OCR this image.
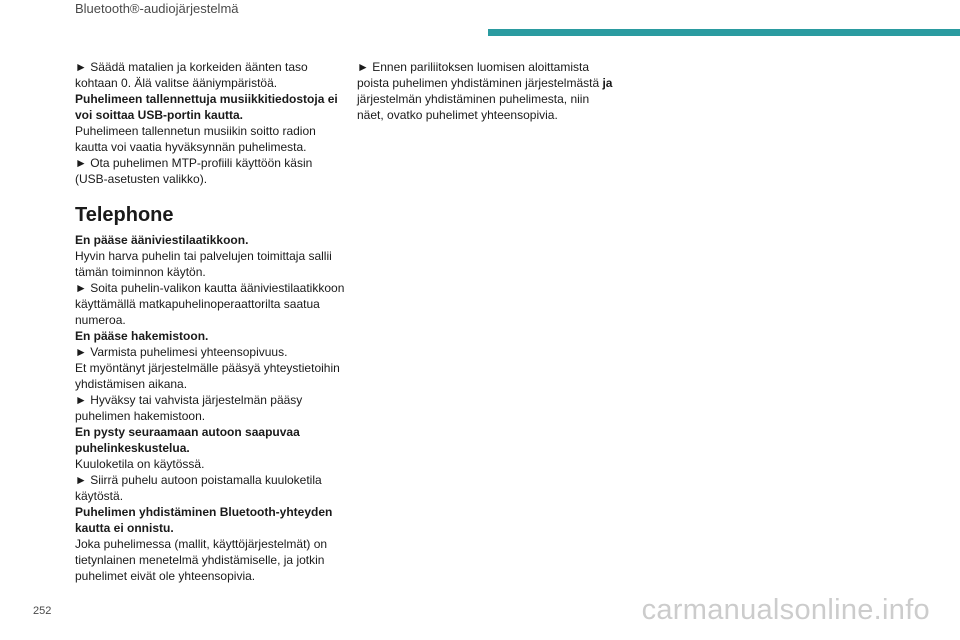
Bluetooth®-audiojärjestelmä

► Säädä matalien ja korkeiden äänten taso kohtaan 0. Älä valitse ääniympäristöä.

Puhelimeen tallennettuja musiikkitiedostoja ei voi soittaa USB-portin kautta.

Puhelimeen tallennetun musiikin soitto radion kautta voi vaatia hyväksynnän puhelimesta.

► Ota puhelimen MTP-profiili käyttöön käsin (USB-asetusten valikko).

Telephone

En pääse ääniviestilaatikkoon.

Hyvin harva puhelin tai palvelujen toimittaja sallii tämän toiminnon käytön.

► Soita puhelin-valikon kautta ääniviestilaatikkoon käyttämällä matkapuhelinoperaattorilta saatua numeroa.

En pääse hakemistoon.

► Varmista puhelimesi yhteensopivuus.

Et myöntänyt järjestelmälle pääsyä yhteystietoihin yhdistämisen aikana.

► Hyväksy tai vahvista järjestelmän pääsy puhelimen hakemistoon.

En pysty seuraamaan autoon saapuvaa puhelinkeskustelua.

Kuuloketila on käytössä.

► Siirrä puhelu autoon poistamalla kuuloketila käytöstä.

Puhelimen yhdistäminen Bluetooth-yhteyden kautta ei onnistu.

Joka puhelimessa (mallit, käyttöjärjestelmät) on tietynlainen menetelmä yhdistämiselle, ja jotkin puhelimet eivät ole yhteensopivia.

► Ennen pariliitoksen luomisen aloittamista poista puhelimen yhdistäminen järjestelmästä ja järjestelmän yhdistäminen puhelimesta, niin näet, ovatko puhelimet yhteensopivia.

252	carmanualsonline.info
